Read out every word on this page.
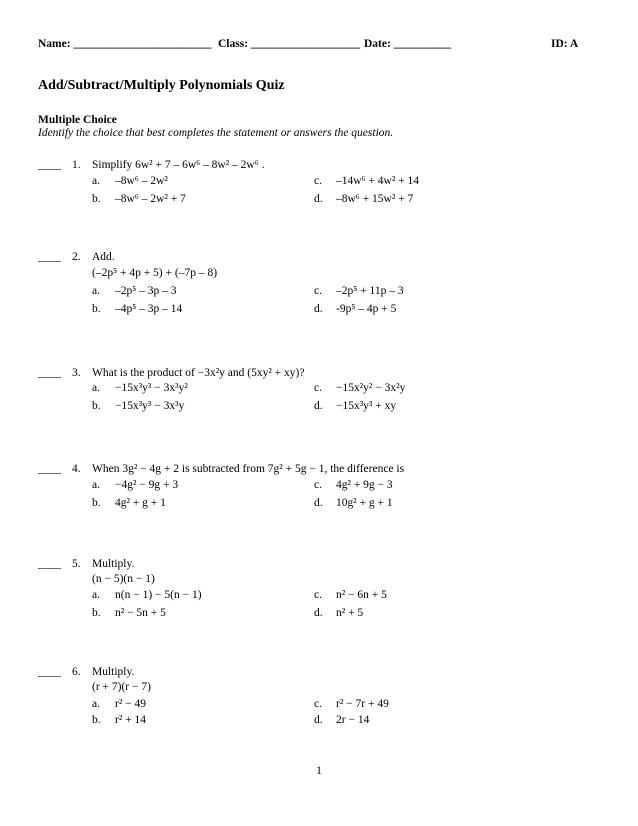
Name: ________________________ Class: ___________________ Date: __________	ID: A
Add/Subtract/Multiply Polynomials Quiz
Multiple Choice
Identify the choice that best completes the statement or answers the question.
____ 1. Simplify 6w² + 7 – 6w⁶ – 8w² – 2w⁶ .
a. –8w⁶ – 2w²
b. –8w⁶ – 2w² + 7
c. –14w⁶ + 4w² + 14
d. –8w⁶ + 15w² + 7
____ 2. Add.
(–2p⁵ + 4p + 5) + (–7p – 8)
a. –2p⁵ – 3p – 3
b. –4p⁵ – 3p – 14
c. –2p⁵ + 11p – 3
d. -9p⁵ – 4p + 5
____ 3. What is the product of −3x²y and (5xy² + xy)?
a. −15x³y³ − 3x³y²
b. −15x³y³ − 3x³y
c. −15x²y² − 3x²y
d. −15x³y³ + xy
____ 4. When 3g² − 4g + 2 is subtracted from 7g² + 5g − 1, the difference is
a. −4g² − 9g + 3
b. 4g² + g + 1
c. 4g² + 9g − 3
d. 10g² + g + 1
____ 5. Multiply.
(n − 5)(n − 1)
a. n(n − 1) − 5(n − 1)
b. n² − 5n + 5
c. n² − 6n + 5
d. n² + 5
____ 6. Multiply.
(r + 7)(r − 7)
a. r² − 49
b. r² + 14
c. r² − 7r + 49
d. 2r − 14
1
